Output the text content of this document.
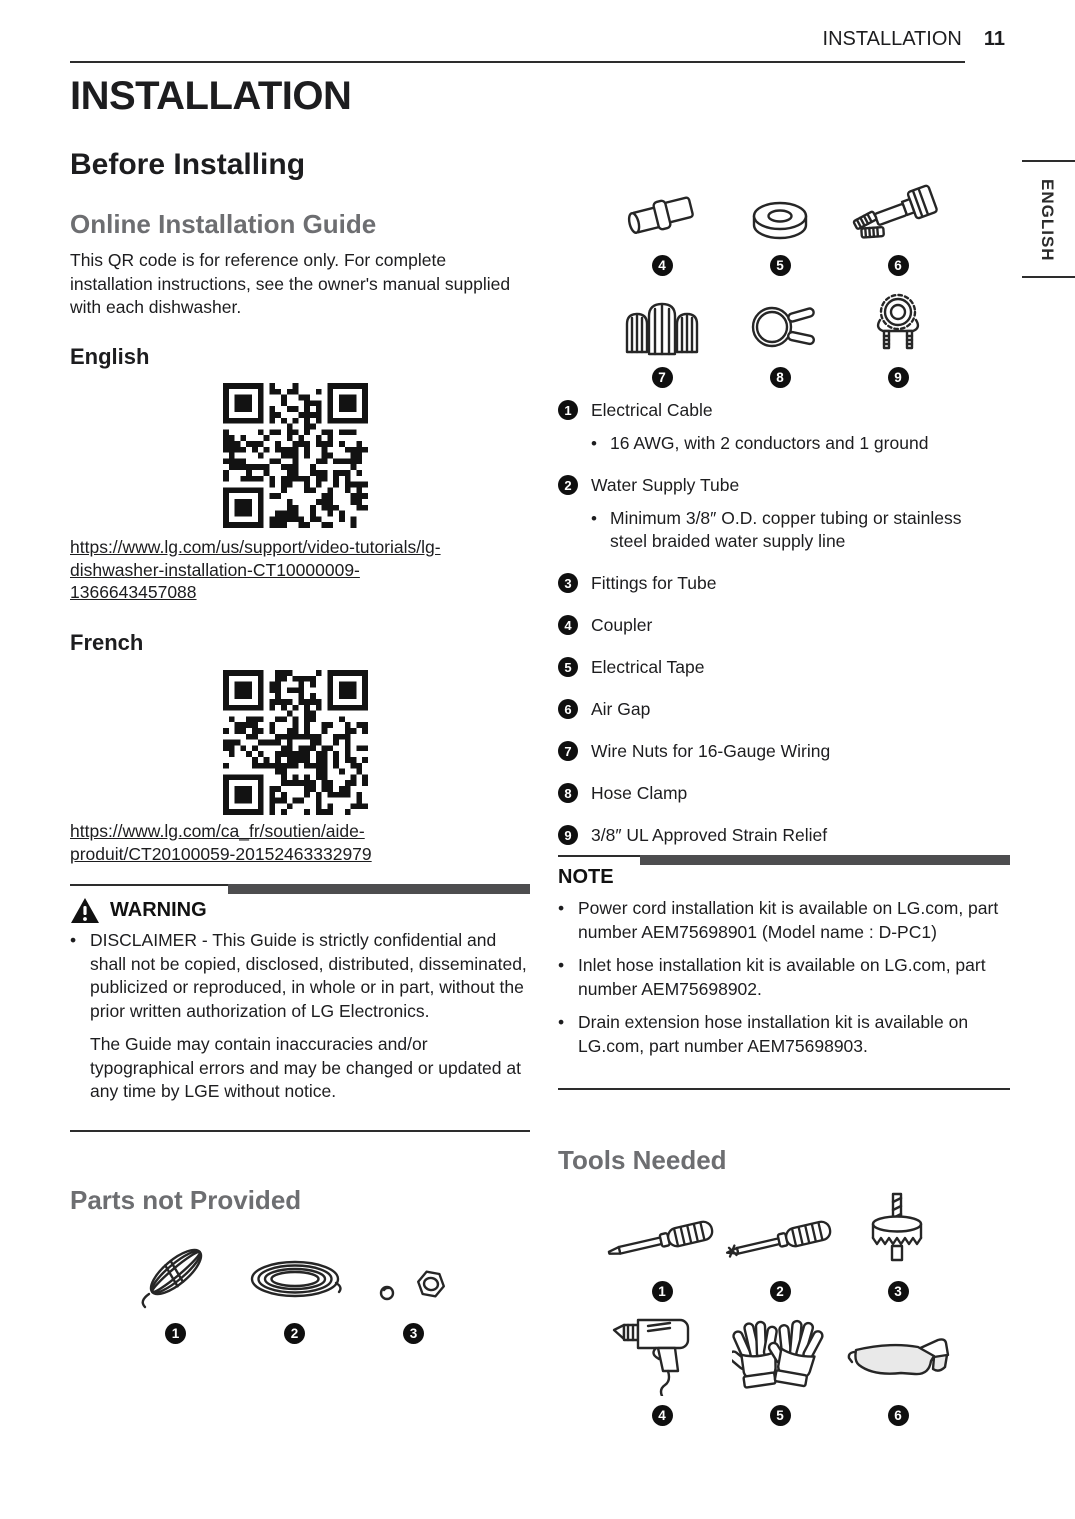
INSTALLATION 11
ENGLISH
INSTALLATION
Before Installing
Online Installation Guide
This QR code is for reference only. For complete installation instructions, see the owner's manual supplied with each dishwasher.
English
https://www.lg.com/us/support/video-tutorials/lg-dishwasher-installation-CT10000009-1366643457088
French
https://www.lg.com/ca_fr/soutien/aide-produit/CT20100059-20152463332979
WARNING
•
DISCLAIMER - This Guide is strictly confidential and shall not be copied, disclosed, distributed, disseminated, publicized or reproduced, in whole or in part, without the prior written authorization of LG Electronics.
The Guide may contain inaccuracies and/or typographical errors and may be changed or updated at any time by LGE without notice.
Parts not Provided
1	2	3
4	5	6
7	8	9
1	Electrical Cable
•
16 AWG, with 2 conductors and 1 ground
2	Water Supply Tube
•
Minimum 3/8″ O.D. copper tubing or stainless steel braided water supply line
3	Fittings for Tube
4	Coupler
5	Electrical Tape
6	Air Gap
7	Wire Nuts for 16-Gauge Wiring
8	Hose Clamp
9	3/8″ UL Approved Strain Relief
NOTE
•
Power cord installation kit is available on LG.com, part number AEM75698901 (Model name : D-PC1)
•
Inlet hose installation kit is available on LG.com, part number AEM75698902.
•
Drain extension hose installation kit is available on LG.com, part number AEM75698903.
Tools Needed
1	2	3
4	5	6
